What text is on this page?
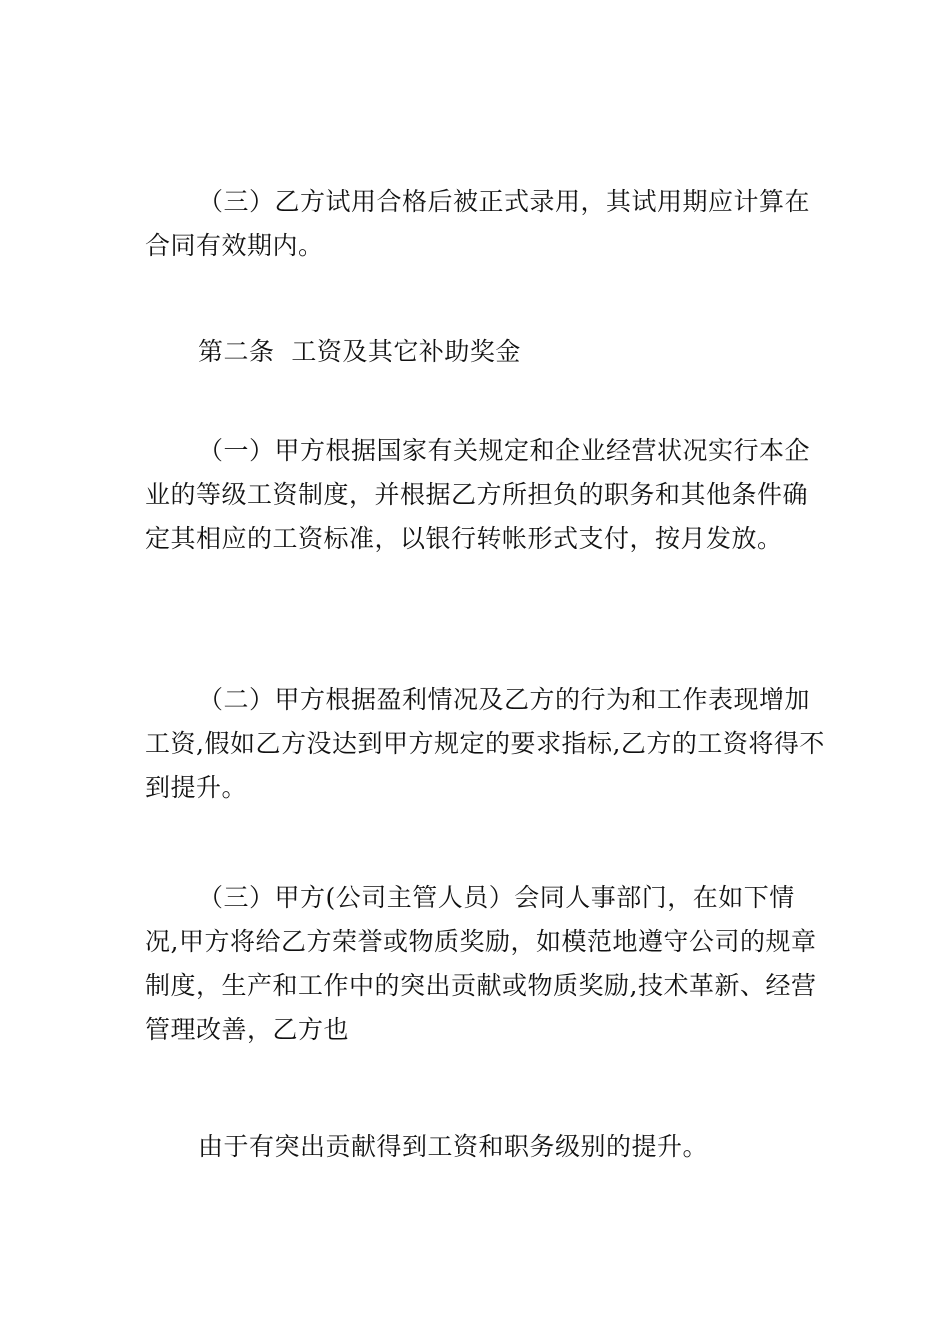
（三）乙方试用合格后被正式录用，其试用期应计算在合同有效期内。

第二条  工资及其它补助奖金

（一）甲方根据国家有关规定和企业经营状况实行本企业的等级工资制度，并根据乙方所担负的职务和其他条件确定其相应的工资标准，以银行转帐形式支付，按月发放。

（二）甲方根据盈利情况及乙方的行为和工作表现增加工资,假如乙方没达到甲方规定的要求指标,乙方的工资将得不到提升。

（三）甲方(公司主管人员）会同人事部门，在如下情况,甲方将给乙方荣誉或物质奖励，如模范地遵守公司的规章制度，生产和工作中的突出贡献或物质奖励,技术革新、经营管理改善，乙方也

由于有突出贡献得到工资和职务级别的提升。
